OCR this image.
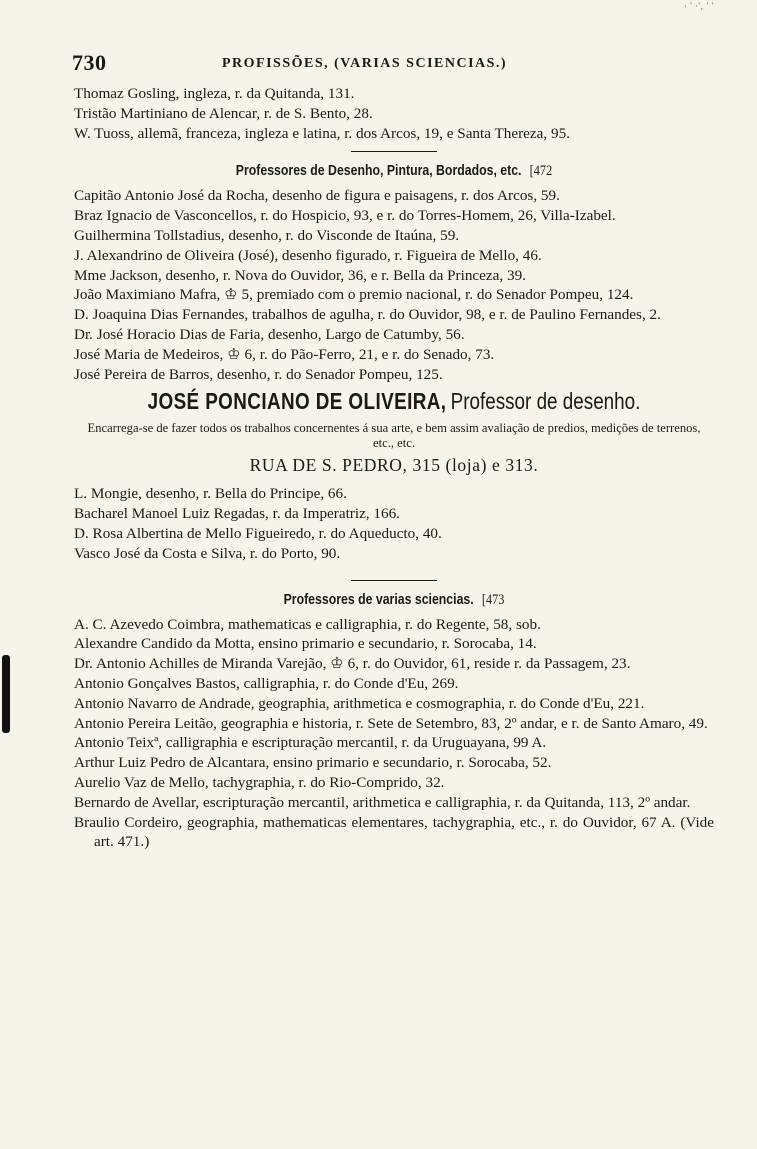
· ˈ ·ˈ‚ ˈ ˈ
730	PROFISSÕES, (VARIAS SCIENCIAS.)

Thomaz Gosling, ingleza, r. da Quitanda, 131.

Tristão Martiniano de Alencar, r. de S. Bento, 28.

W. Tuoss, allemã, franceza, ingleza e latina, r. dos Arcos, 19, e Santa Thereza, 95.

Professores de Desenho, Pintura, Bordados, etc. [472

Capitão Antonio José da Rocha, desenho de figura e paisagens, r. dos Arcos, 59.

Braz Ignacio de Vasconcellos, r. do Hospicio, 93, e r. do Torres-Homem, 26, Villa-Izabel.

Guilhermina Tollstadius, desenho, r. do Visconde de Itaúna, 59.

J. Alexandrino de Oliveira (José), desenho figurado, r. Figueira de Mello, 46.

Mme Jackson, desenho, r. Nova do Ouvidor, 36, e r. Bella da Princeza, 39.

João Maximiano Mafra, ♔ 5, premiado com o premio nacional, r. do Senador Pompeu, 124.

D. Joaquina Dias Fernandes, trabalhos de agulha, r. do Ouvidor, 98, e r. de Paulino Fernandes, 2.

Dr. José Horacio Dias de Faria, desenho, Largo de Catumby, 56.

José Maria de Medeiros, ♔ 6, r. do Pão-Ferro, 21, e r. do Senado, 73.

José Pereira de Barros, desenho, r. do Senador Pompeu, 125.

JOSÉ PONCIANO DE OLIVEIRA, Professor de desenho.
Encarrega-se de fazer todos os trabalhos concernentes á sua arte, e bem assim avaliação de predios, medições de terrenos, etc., etc.
RUA DE S. PEDRO, 315 (loja) e 313.

L. Mongie, desenho, r. Bella do Principe, 66.

Bacharel Manoel Luiz Regadas, r. da Imperatriz, 166.

D. Rosa Albertina de Mello Figueiredo, r. do Aqueducto, 40.

Vasco José da Costa e Silva, r. do Porto, 90.

Professores de varias sciencias. [473

A. C. Azevedo Coimbra, mathematicas e calligraphia, r. do Regente, 58, sob.

Alexandre Candido da Motta, ensino primario e secundario, r. Sorocaba, 14.

Dr. Antonio Achilles de Miranda Varejão, ♔ 6, r. do Ouvidor, 61, reside r. da Passagem, 23.

Antonio Gonçalves Bastos, calligraphia, r. do Conde d'Eu, 269.

Antonio Navarro de Andrade, geographia, arithmetica e cosmographia, r. do Conde d'Eu, 221.

Antonio Pereira Leitão, geographia e historia, r. Sete de Setembro, 83, 2º andar, e r. de Santo Amaro, 49.

Antonio Teixª, calligraphia e escripturação mercantil, r. da Uruguayana, 99 A.

Arthur Luiz Pedro de Alcantara, ensino primario e secundario, r. Sorocaba, 52.

Aurelio Vaz de Mello, tachygraphia, r. do Rio-Comprido, 32.

Bernardo de Avellar, escripturação mercantil, arithmetica e calligraphia, r. da Quitanda, 113, 2º andar.

Braulio Cordeiro, geographia, mathematicas elementares, tachygraphia, etc., r. do Ouvidor, 67 A. (Vide art. 471.)
